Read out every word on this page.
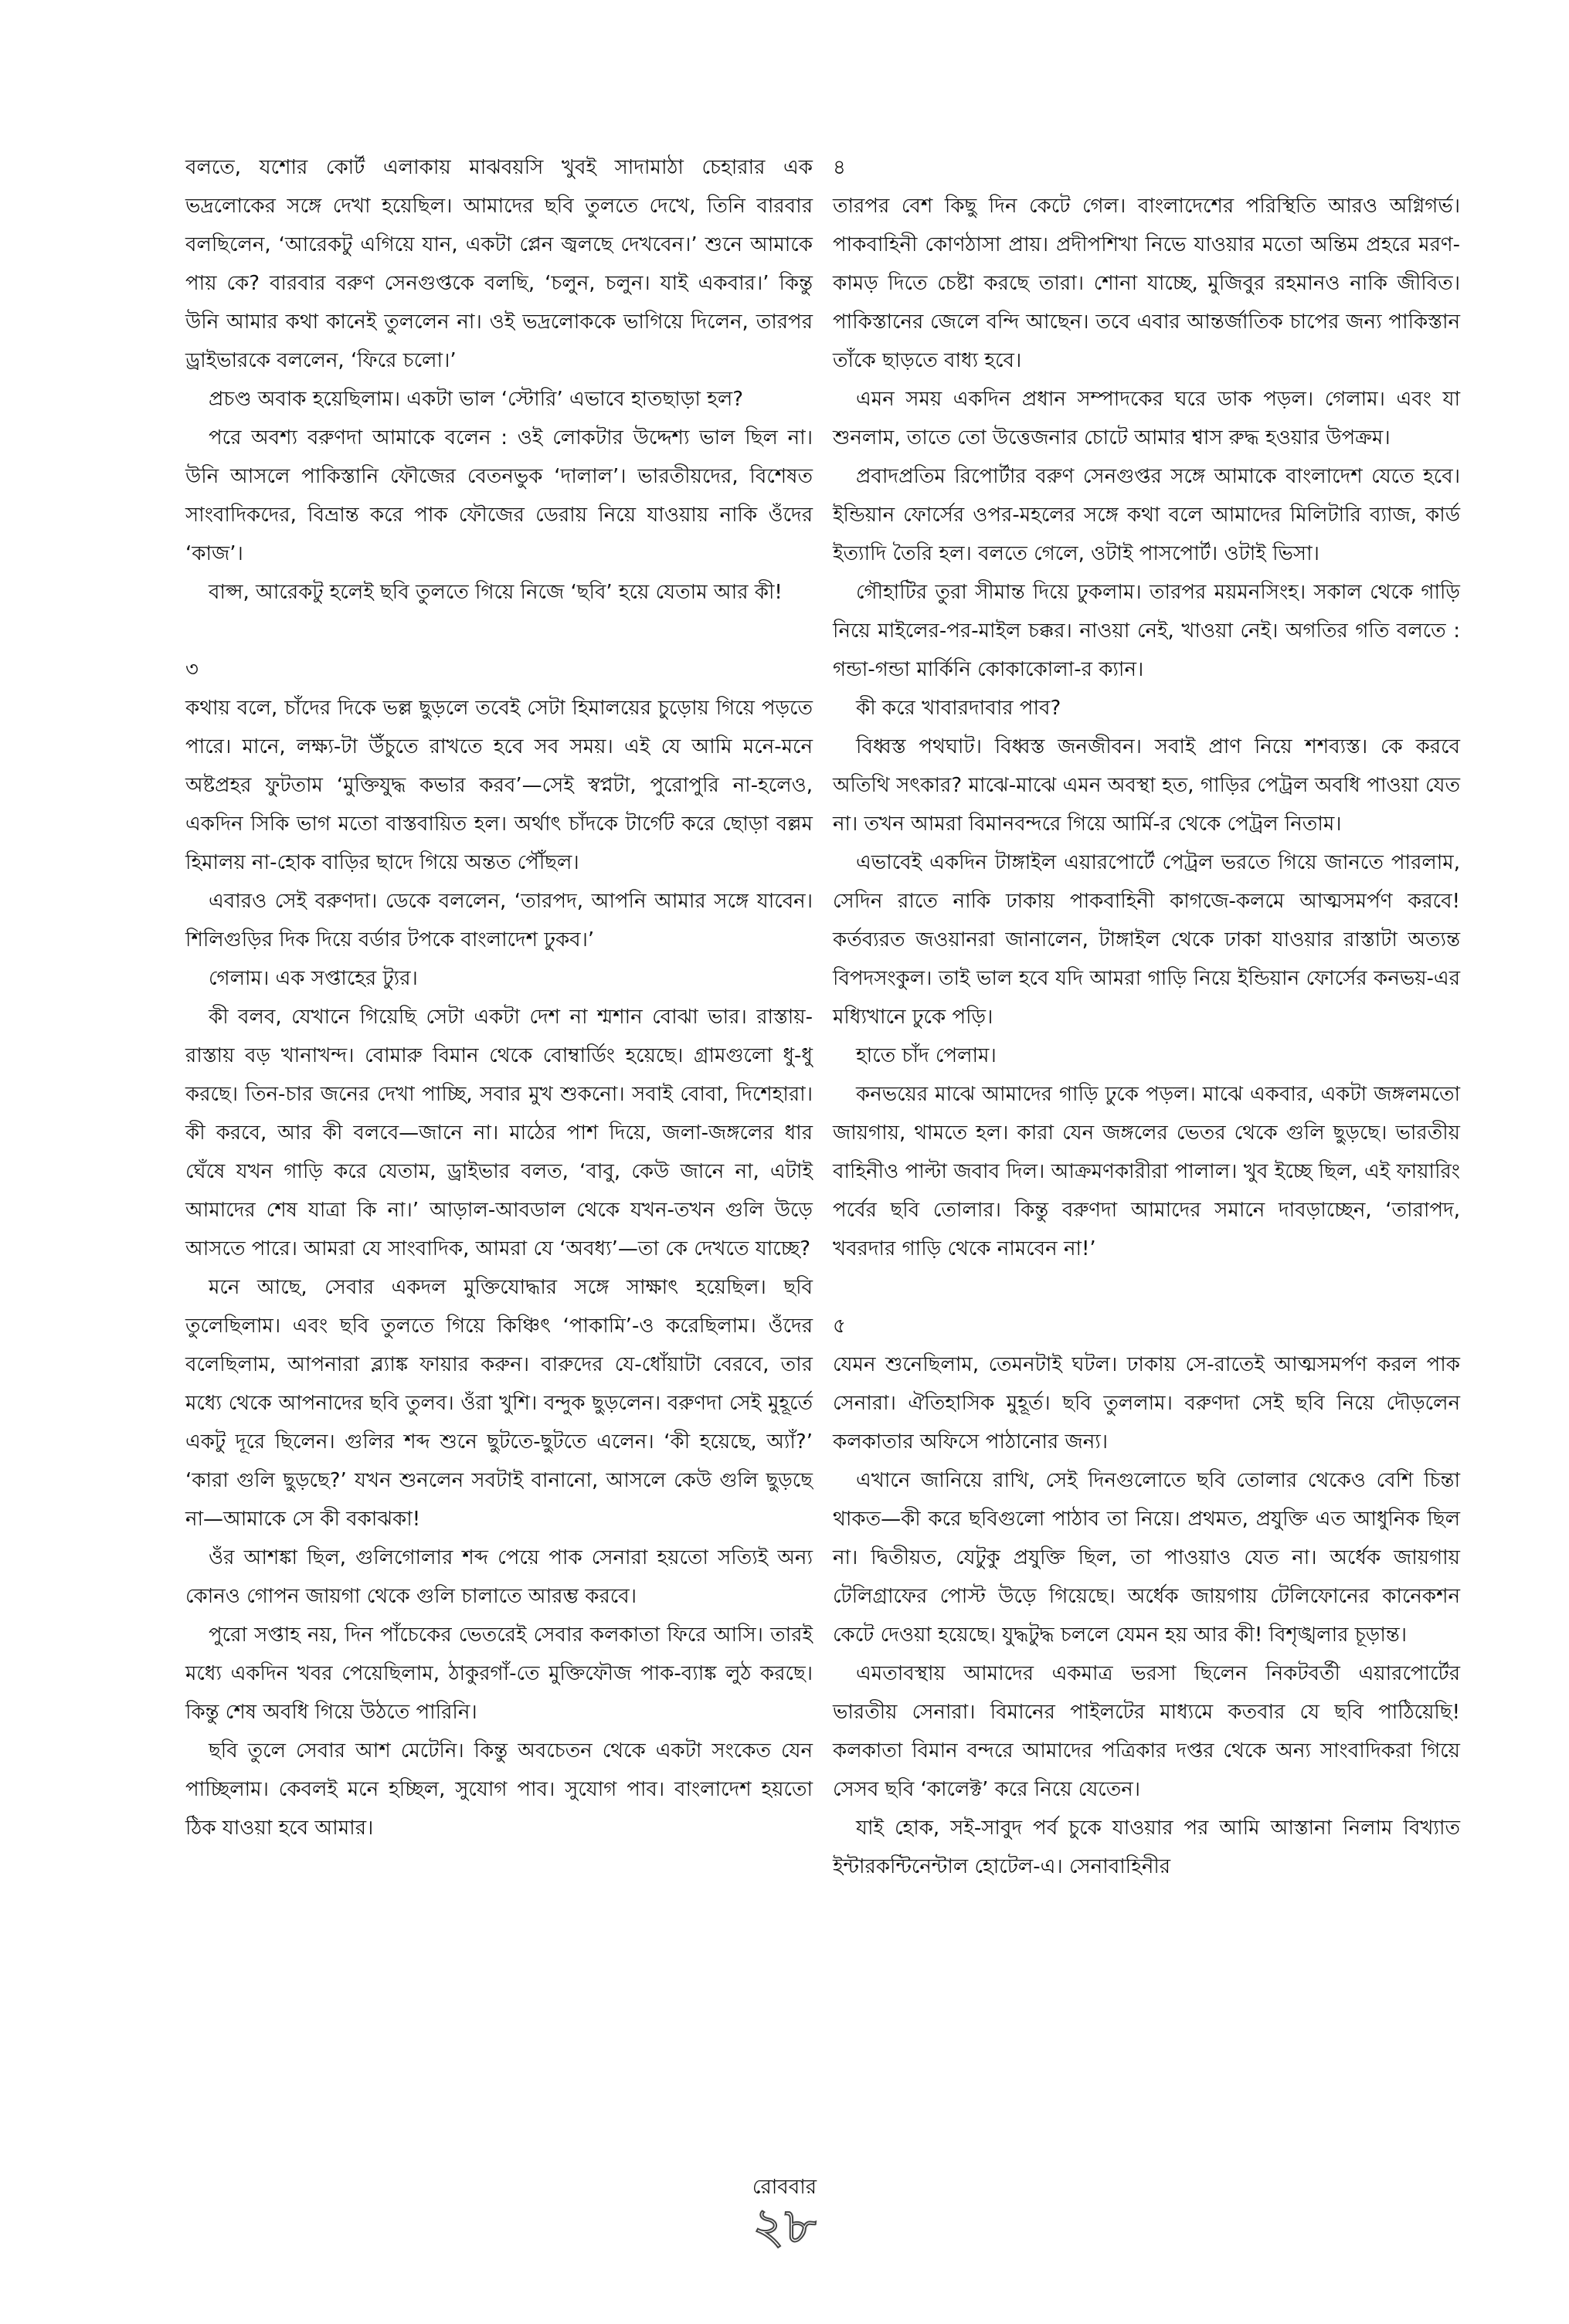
বলতে, যশোর কোর্ট এলাকায় মাঝবয়সি খুবই সাদামাঠা চেহারার এক ভদ্রলোকের সঙ্গে দেখা হয়েছিল। আমাদের ছবি তুলতে দেখে, তিনি বারবার বলছিলেন, ‘আরেকটু এগিয়ে যান, একটা প্লেন জ্বলছে দেখবেন।’ শুনে আমাকে পায় কে? বারবার বরুণ সেনগুপ্তকে বলছি, ‘চলুন, চলুন। যাই একবার।’ কিন্তু উনি আমার কথা কানেই তুললেন না। ওই ভদ্রলোককে ভাগিয়ে দিলেন, তারপর ড্রাইভারকে বললেন, ‘ফিরে চলো।’

প্রচণ্ড অবাক হয়েছিলাম। একটা ভাল ‘স্টোরি’ এভাবে হাতছাড়া হল?

পরে অবশ্য বরুণদা আমাকে বলেন : ওই লোকটার উদ্দেশ্য ভাল ছিল না। উনি আসলে পাকিস্তানি ফৌজের বেতনভুক ‘দালাল’। ভারতীয়দের, বিশেষত সাংবাদিকদের, বিভ্রান্ত করে পাক ফৌজের ডেরায় নিয়ে যাওয়ায় নাকি ওঁদের ‘কাজ’।

বাপ্স, আরেকটু হলেই ছবি তুলতে গিয়ে নিজে ‘ছবি’ হয়ে যেতাম আর কী!

৩

কথায় বলে, চাঁদের দিকে ভল্ল ছুড়লে তবেই সেটা হিমালয়ের চুড়োয় গিয়ে পড়তে পারে। মানে, লক্ষ্য-টা উঁচুতে রাখতে হবে সব সময়। এই যে আমি মনে-মনে অষ্টপ্রহর ফুটতাম ‘মুক্তিযুদ্ধ কভার করব’—সেই স্বপ্নটা, পুরোপুরি না-হলেও, একদিন সিকি ভাগ মতো বাস্তবায়িত হল। অর্থাৎ চাঁদকে টার্গেট করে ছোড়া বল্লম হিমালয় না-হোক বাড়ির ছাদে গিয়ে অন্তত পৌঁছল।

এবারও সেই বরুণদা। ডেকে বললেন, ‘তারপদ, আপনি আমার সঙ্গে যাবেন। শিলিগুড়ির দিক দিয়ে বর্ডার টপকে বাংলাদেশ ঢুকব।’

গেলাম। এক সপ্তাহের ট্যুর।

কী বলব, যেখানে গিয়েছি সেটা একটা দেশ না শ্মশান বোঝা ভার। রাস্তায়-রাস্তায় বড় খানাখন্দ। বোমারু বিমান থেকে বোম্বার্ডিং হয়েছে। গ্রামগুলো ধু-ধু করছে। তিন-চার জনের দেখা পাচ্ছি, সবার মুখ শুকনো। সবাই বোবা, দিশেহারা। কী করবে, আর কী বলবে—জানে না। মাঠের পাশ দিয়ে, জলা-জঙ্গলের ধার ঘেঁষে যখন গাড়ি করে যেতাম, ড্রাইভার বলত, ‘বাবু, কেউ জানে না, এটাই আমাদের শেষ যাত্রা কি না।’ আড়াল-আবডাল থেকে যখন-তখন গুলি উড়ে আসতে পারে। আমরা যে সাংবাদিক, আমরা যে ‘অবধ্য’—তা কে দেখতে যাচ্ছে?

মনে আছে, সেবার একদল মুক্তিযোদ্ধার সঙ্গে সাক্ষাৎ হয়েছিল। ছবি তুলেছিলাম। এবং ছবি তুলতে গিয়ে কিঞ্চিৎ ‘পাকামি’-ও করেছিলাম। ওঁদের বলেছিলাম, আপনারা ব্ল্যাঙ্ক ফায়ার করুন। বারুদের যে-ধোঁয়াটা বেরবে, তার মধ্যে থেকে আপনাদের ছবি তুলব। ওঁরা খুশি। বন্দুক ছুড়লেন। বরুণদা সেই মুহূর্তে একটু দূরে ছিলেন। গুলির শব্দ শুনে ছুটতে-ছুটতে এলেন। ‘কী হয়েছে, অ্যাঁ?’ ‘কারা গুলি ছুড়ছে?’ যখন শুনলেন সবটাই বানানো, আসলে কেউ গুলি ছুড়ছে না—আমাকে সে কী বকাঝকা!

ওঁর আশঙ্কা ছিল, গুলিগোলার শব্দ পেয়ে পাক সেনারা হয়তো সত্যিই অন্য কোনও গোপন জায়গা থেকে গুলি চালাতে আরম্ভ করবে।

পুরো সপ্তাহ নয়, দিন পাঁচেকের ভেতরেই সেবার কলকাতা ফিরে আসি। তারই মধ্যে একদিন খবর পেয়েছিলাম, ঠাকুরগাঁ-তে মুক্তিফৌজ পাক-ব্যাঙ্ক লুঠ করছে। কিন্তু শেষ অবধি গিয়ে উঠতে পারিনি।

ছবি তুলে সেবার আশ মেটেনি। কিন্তু অবচেতন থেকে একটা সংকেত যেন পাচ্ছিলাম। কেবলই মনে হচ্ছিল, সুযোগ পাব। সুযোগ পাব। বাংলাদেশ হয়তো ঠিক যাওয়া হবে আমার।

৪

তারপর বেশ কিছু দিন কেটে গেল। বাংলাদেশের পরিস্থিতি আরও অগ্নিগর্ভ। পাকবাহিনী কোণঠাসা প্রায়। প্রদীপশিখা নিভে যাওয়ার মতো অন্তিম প্রহরে মরণ-কামড় দিতে চেষ্টা করছে তারা। শোনা যাচ্ছে, মুজিবুর রহমানও নাকি জীবিত। পাকিস্তানের জেলে বন্দি আছেন। তবে এবার আন্তর্জাতিক চাপের জন্য পাকিস্তান তাঁকে ছাড়তে বাধ্য হবে।

এমন সময় একদিন প্রধান সম্পাদকের ঘরে ডাক পড়ল। গেলাম। এবং যা শুনলাম, তাতে তো উত্তেজনার চোটে আমার শ্বাস রুদ্ধ হওয়ার উপক্রম।

প্রবাদপ্রতিম রিপোর্টার বরুণ সেনগুপ্তর সঙ্গে আমাকে বাংলাদেশ যেতে হবে। ইন্ডিয়ান ফোর্সের ওপর-মহলের সঙ্গে কথা বলে আমাদের মিলিটারি ব্যাজ, কার্ড ইত্যাদি তৈরি হল। বলতে গেলে, ওটাই পাসপোর্ট। ওটাই ভিসা।

গৌহাটির তুরা সীমান্ত দিয়ে ঢুকলাম। তারপর ময়মনসিংহ। সকাল থেকে গাড়ি নিয়ে মাইলের-পর-মাইল চক্কর। নাওয়া নেই, খাওয়া নেই। অগতির গতি বলতে : গন্ডা-গন্ডা মার্কিনি কোকাকোলা-র ক্যান।

কী করে খাবারদাবার পাব?

বিধ্বস্ত পথঘাট। বিধ্বস্ত জনজীবন। সবাই প্রাণ নিয়ে শশব্যস্ত। কে করবে অতিথি সৎকার? মাঝে-মাঝে এমন অবস্থা হত, গাড়ির পেট্রল অবধি পাওয়া যেত না। তখন আমরা বিমানবন্দরে গিয়ে আর্মি-র থেকে পেট্রল নিতাম।

এভাবেই একদিন টাঙ্গাইল এয়ারপোর্টে পেট্রল ভরতে গিয়ে জানতে পারলাম, সেদিন রাতে নাকি ঢাকায় পাকবাহিনী কাগজে-কলমে আত্মসমর্পণ করবে! কর্তব্যরত জওয়ানরা জানালেন, টাঙ্গাইল থেকে ঢাকা যাওয়ার রাস্তাটা অত্যন্ত বিপদসংকুল। তাই ভাল হবে যদি আমরা গাড়ি নিয়ে ইন্ডিয়ান ফোর্সের কনভয়-এর মধ্যিখানে ঢুকে পড়ি।

হাতে চাঁদ পেলাম।

কনভয়ের মাঝে আমাদের গাড়ি ঢুকে পড়ল। মাঝে একবার, একটা জঙ্গলমতো জায়গায়, থামতে হল। কারা যেন জঙ্গলের ভেতর থেকে গুলি ছুড়ছে। ভারতীয় বাহিনীও পাল্টা জবাব দিল। আক্রমণকারীরা পালাল। খুব ইচ্ছে ছিল, এই ফায়ারিং পর্বের ছবি তোলার। কিন্তু বরুণদা আমাদের সমানে দাবড়াচ্ছেন, ‘তারাপদ, খবরদার গাড়ি থেকে নামবেন না!’

৫

যেমন শুনেছিলাম, তেমনটাই ঘটল। ঢাকায় সে-রাতেই আত্মসমর্পণ করল পাক সেনারা। ঐতিহাসিক মুহূর্ত। ছবি তুললাম। বরুণদা সেই ছবি নিয়ে দৌড়লেন কলকাতার অফিসে পাঠানোর জন্য।

এখানে জানিয়ে রাখি, সেই দিনগুলোতে ছবি তোলার থেকেও বেশি চিন্তা থাকত—কী করে ছবিগুলো পাঠাব তা নিয়ে। প্রথমত, প্রযুক্তি এত আধুনিক ছিল না। দ্বিতীয়ত, যেটুকু প্রযুক্তি ছিল, তা পাওয়াও যেত না। অর্ধেক জায়গায় টেলিগ্রাফের পোস্ট উড়ে গিয়েছে। অর্ধেক জায়গায় টেলিফোনের কানেকশন কেটে দেওয়া হয়েছে। যুদ্ধটুদ্ধ চললে যেমন হয় আর কী! বিশৃঙ্খলার চূড়ান্ত।

এমতাবস্থায় আমাদের একমাত্র ভরসা ছিলেন নিকটবর্তী এয়ারপোর্টের ভারতীয় সেনারা। বিমানের পাইলটের মাধ্যমে কতবার যে ছবি পাঠিয়েছি! কলকাতা বিমান বন্দরে আমাদের পত্রিকার দপ্তর থেকে অন্য সাংবাদিকরা গিয়ে সেসব ছবি ‘কালেক্ট’ করে নিয়ে যেতেন।

যাই হোক, সই-সাবুদ পর্ব চুকে যাওয়ার পর আমি আস্তানা নিলাম বিখ্যাত ইন্টারকন্টিনেন্টাল হোটেল-এ। সেনাবাহিনীর

রোববার
২৮
